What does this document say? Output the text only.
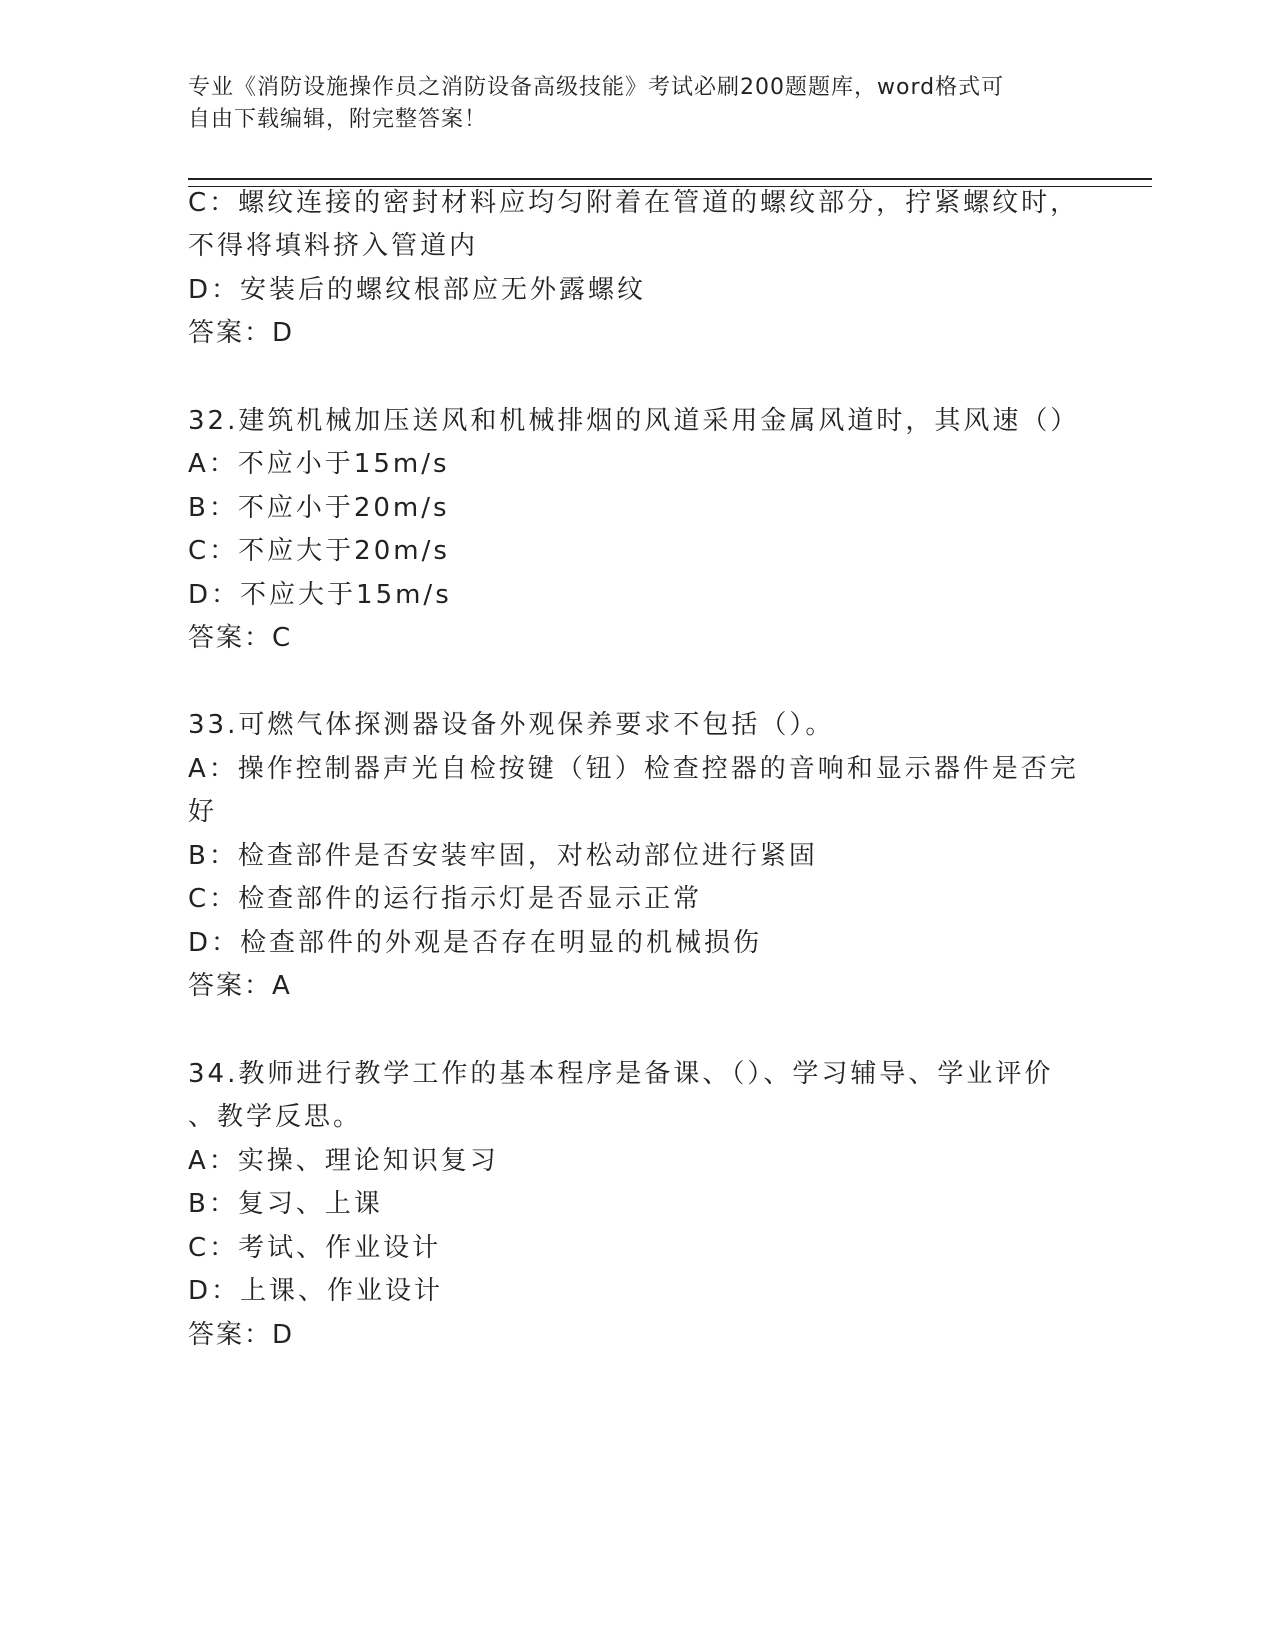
专业《消防设施操作员之消防设备高级技能》考试必刷200题题库，word格式可
自由下载编辑，附完整答案！
C：螺纹连接的密封材料应均匀附着在管道的螺纹部分，拧紧螺纹时，
不得将填料挤入管道内
D：安装后的螺纹根部应无外露螺纹
答案：D
32.建筑机械加压送风和机械排烟的风道采用金属风道时，其风速（）
A：不应小于15m/s
B：不应小于20m/s
C：不应大于20m/s
D：不应大于15m/s
答案：C
33.可燃气体探测器设备外观保养要求不包括（）。
A：操作控制器声光自检按键（钮）检查控器的音响和显示器件是否完
好
B：检查部件是否安装牢固，对松动部位进行紧固
C：检查部件的运行指示灯是否显示正常
D：检查部件的外观是否存在明显的机械损伤
答案：A
34.教师进行教学工作的基本程序是备课、（）、学习辅导、学业评价
、教学反思。
A：实操、理论知识复习
B：复习、上课
C：考试、作业设计
D：上课、作业设计
答案：D
